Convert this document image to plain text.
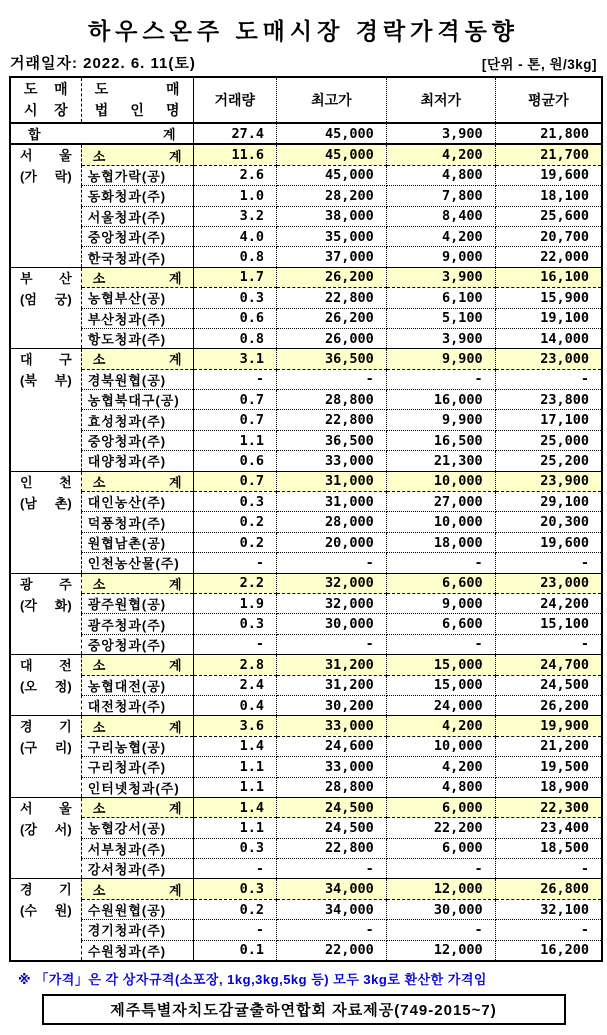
하우스온주 도매시장 경락가격동향
거래일자: 2022. 6. 11(토)	[단위 - 톤, 원/3kg]
도 매
시 장

도 매
법 인 명
	거래량	최고가	최저가	평균가
합 계		27.4	45,000	3,900	21,800

서 울
(가 락)	소 계	11.6	45,000	4,200	21,700
	농협가락(공)	2.6	45,000	4,800	19,600
	동화청과(주)	1.0	28,200	7,800	18,100
	서울청과(주)	3.2	38,000	8,400	25,600
	중앙청과(주)	4.0	35,000	4,200	20,700
	한국청과(주)	0.8	37,000	9,000	22,000

부 산
(엄 궁)	소 계	1.7	26,200	3,900	16,100
	농협부산(공)	0.3	22,800	6,100	15,900
	부산청과(주)	0.6	26,200	5,100	19,100
	항도청과(주)	0.8	26,000	3,900	14,000

대 구
(북 부)	소 계	3.1	36,500	9,900	23,000
	경북원협(공)	-	-	-	-
	농협북대구(공)	0.7	28,800	16,000	23,800
	효성청과(주)	0.7	22,800	9,900	17,100
	중앙청과(주)	1.1	36,500	16,500	25,000
	대양청과(주)	0.6	33,000	21,300	25,200

인 천
(남 촌)	소 계	0.7	31,000	10,000	23,900
	대인농산(주)	0.3	31,000	27,000	29,100
	덕풍청과(주)	0.2	28,000	10,000	20,300
	원협남촌(공)	0.2	20,000	18,000	19,600
	인천농산물(주)	-	-	-	-

광 주
(각 화)	소 계	2.2	32,000	6,600	23,000
	광주원협(공)	1.9	32,000	9,000	24,200
	광주청과(주)	0.3	30,000	6,600	15,100
	중앙청과(주)	-	-	-	-

대 전
(오 정)	소 계	2.8	31,200	15,000	24,700
	농협대전(공)	2.4	31,200	15,000	24,500
	대전청과(주)	0.4	30,200	24,000	26,200

경 기
(구 리)	소 계	3.6	33,000	4,200	19,900
	구리농협(공)	1.4	24,600	10,000	21,200
	구리청과(주)	1.1	33,000	4,200	19,500
	인터넷청과(주)	1.1	28,800	4,800	18,900

서 울
(강 서)	소 계	1.4	24,500	6,000	22,300
	농협강서(공)	1.1	24,500	22,200	23,400
	서부청과(주)	0.3	22,800	6,000	18,500
	강서청과(주)	-	-	-	-

경 기
(수 원)	소 계	0.3	34,000	12,000	26,800
	수원원협(공)	0.2	34,000	30,000	32,100
	경기청과(주)	-	-	-	-
	수원청과(주)	0.1	22,000	12,000	16,200
※ 「가격」은 각 상자규격(소포장, 1kg,3kg,5kg 등) 모두 3kg로 환산한 가격임
제주특별자치도감귤출하연합회 자료제공(749-2015~7)
